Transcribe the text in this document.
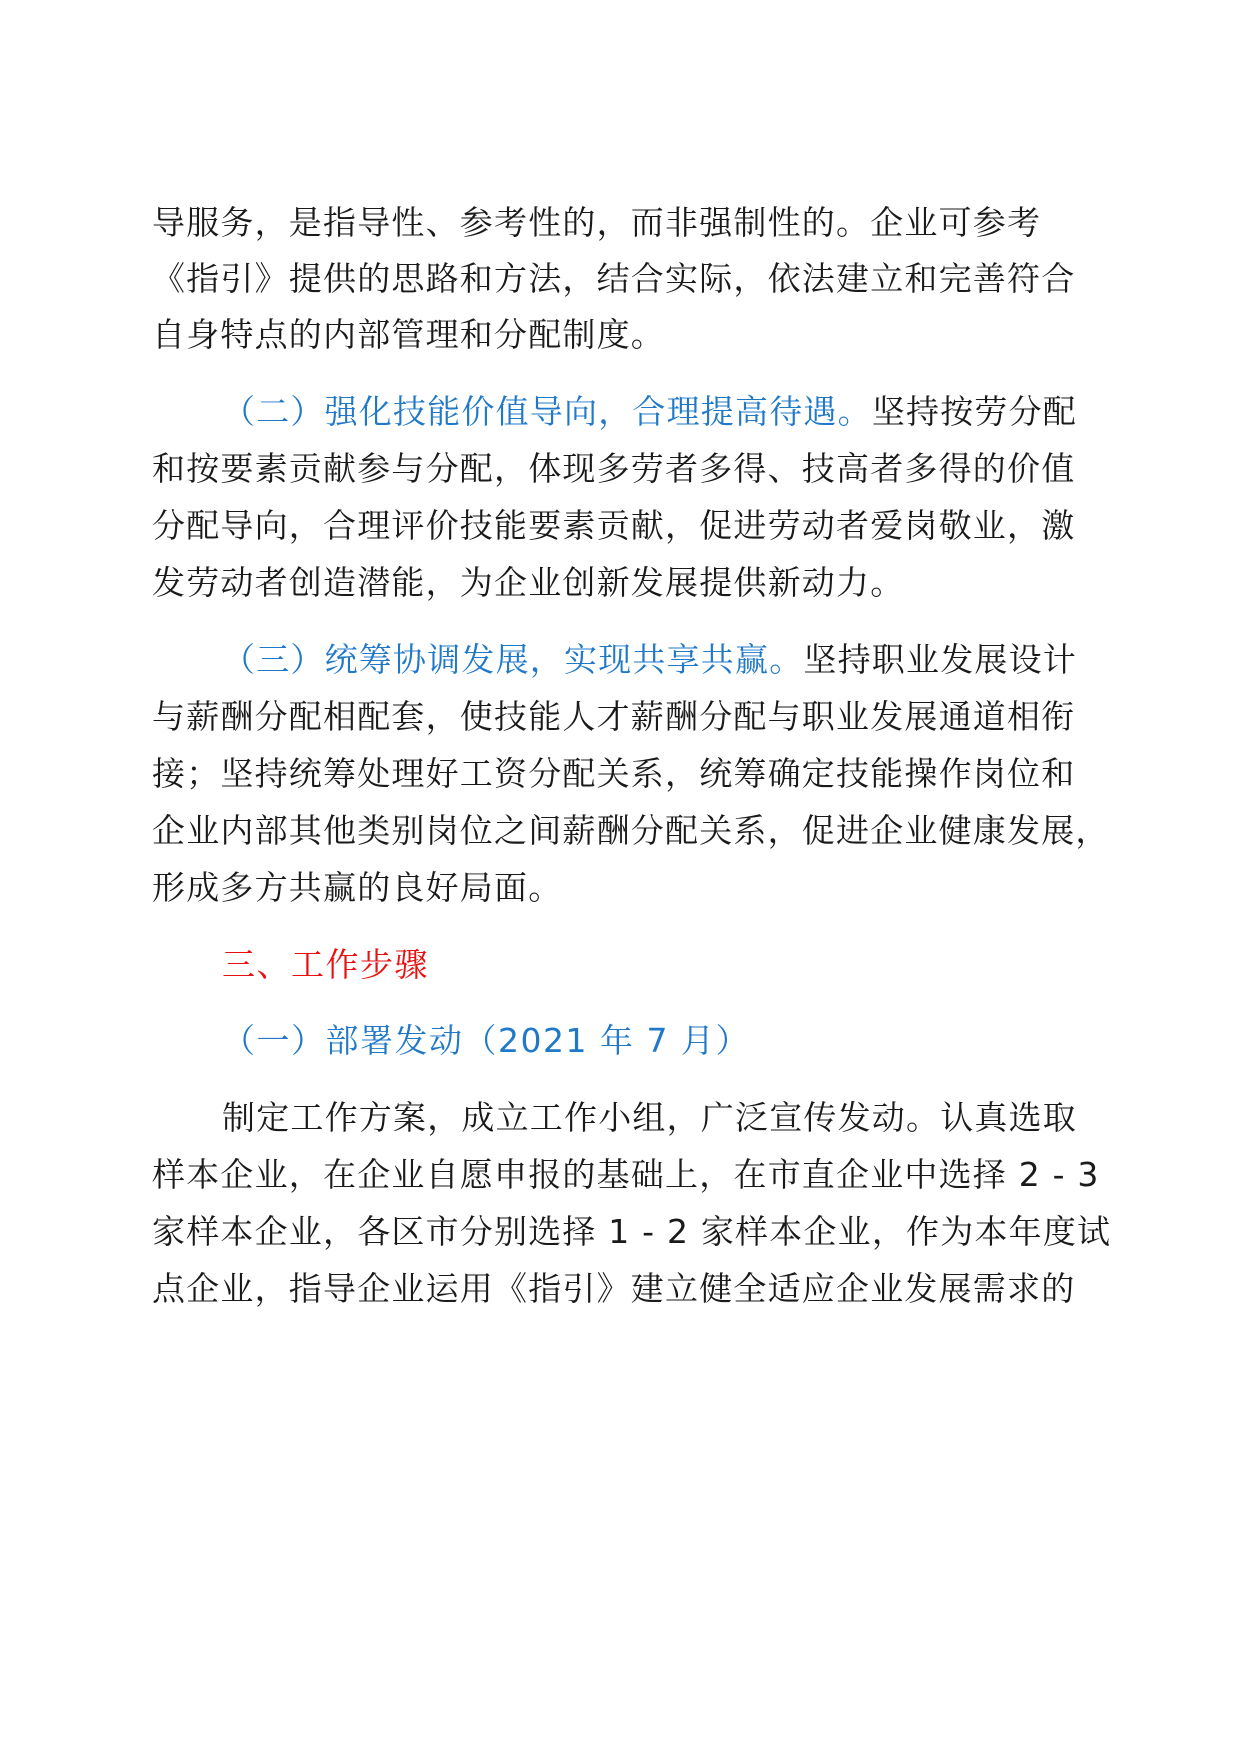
导服务，是指导性、参考性的，而非强制性的。企业可参考
《指引》提供的思路和方法，结合实际，依法建立和完善符合
自身特点的内部管理和分配制度。
（二）强化技能价值导向，合理提高待遇。坚持按劳分配
和按要素贡献参与分配，体现多劳者多得、技高者多得的价值
分配导向，合理评价技能要素贡献，促进劳动者爱岗敬业，激
发劳动者创造潜能，为企业创新发展提供新动力。
（三）统筹协调发展，实现共享共赢。坚持职业发展设计
与薪酬分配相配套，使技能人才薪酬分配与职业发展通道相衔
接；坚持统筹处理好工资分配关系，统筹确定技能操作岗位和
企业内部其他类别岗位之间薪酬分配关系，促进企业健康发展，
形成多方共赢的良好局面。
三、工作步骤
（一）部署发动（2021 年 7 月）
制定工作方案，成立工作小组，广泛宣传发动。认真选取
样本企业，在企业自愿申报的基础上，在市直企业中选择 2 - 3
家样本企业，各区市分别选择 1 - 2 家样本企业，作为本年度试
点企业，指导企业运用《指引》建立健全适应企业发展需求的
